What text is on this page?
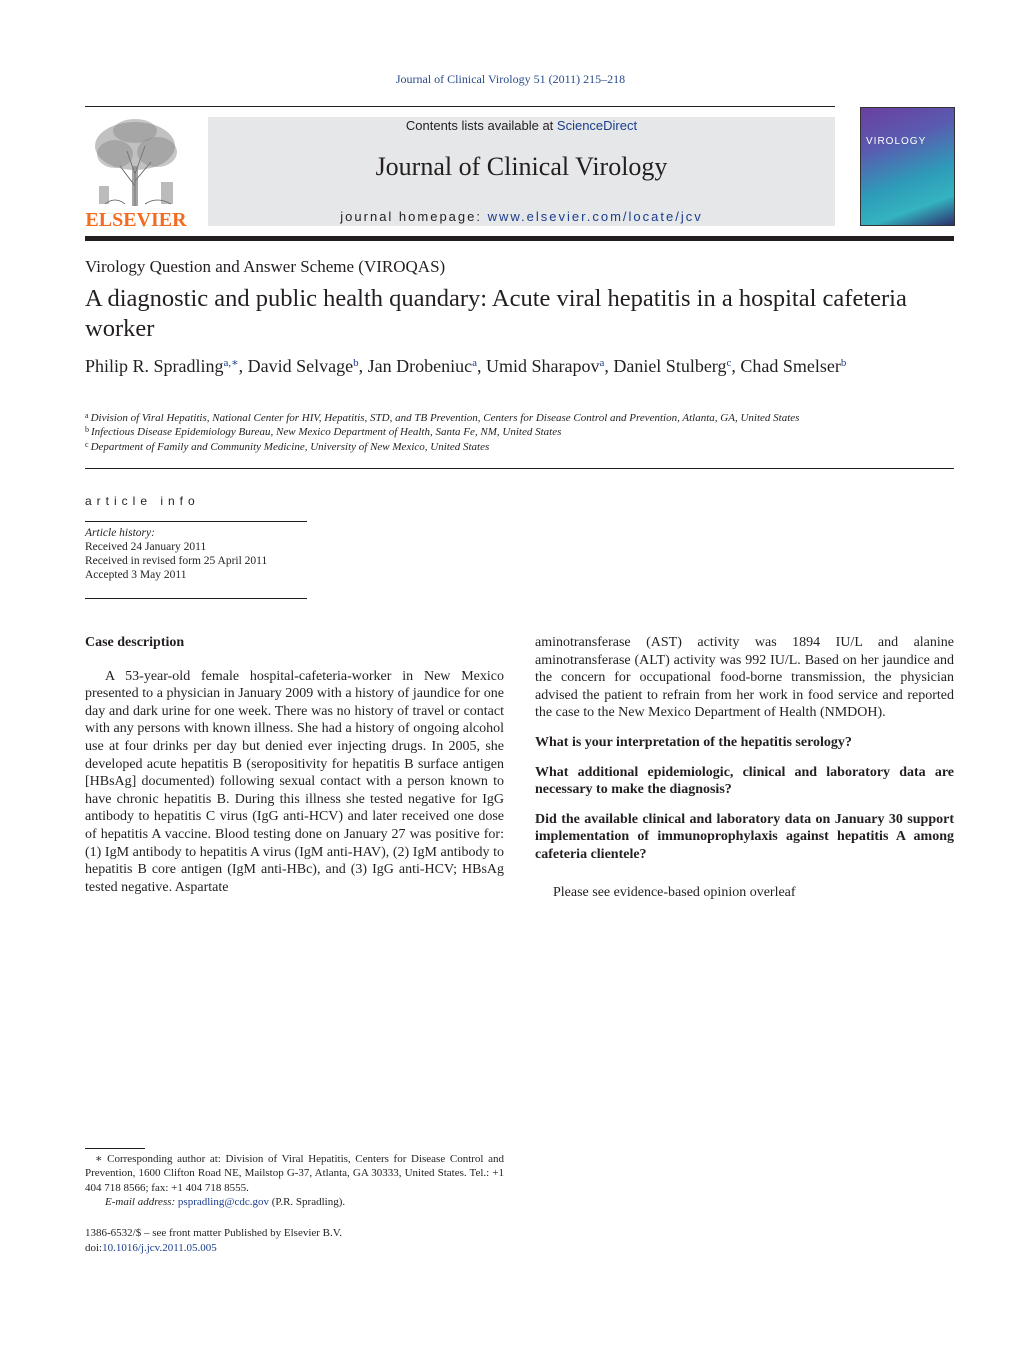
Journal of Clinical Virology 51 (2011) 215–218
ELSEVIER
Contents lists available at ScienceDirect
Journal of Clinical Virology
journal homepage: www.elsevier.com/locate/jcv
VIROLOGY
Virology Question and Answer Scheme (VIROQAS)
A diagnostic and public health quandary: Acute viral hepatitis in a hospital cafeteria worker
Philip R. Spradling$^{a,∗}$, David Selvage$^b$, Jan Drobeniuc$^a$, Umid Sharapov$^a$, Daniel Stulberg$^c$, Chad Smelser$^b$
$^a$ Division of Viral Hepatitis, National Center for HIV, Hepatitis, STD, and TB Prevention, Centers for Disease Control and Prevention, Atlanta, GA, United States
$^b$ Infectious Disease Epidemiology Bureau, New Mexico Department of Health, Santa Fe, NM, United States
$^c$ Department of Family and Community Medicine, University of New Mexico, United States
article info
Article history:
Received 24 January 2011
Received in revised form 25 April 2011
Accepted 3 May 2011
Case description

A 53-year-old female hospital-cafeteria-worker in New Mexico presented to a physician in January 2009 with a history of jaundice for one day and dark urine for one week. There was no history of travel or contact with any persons with known illness. She had a history of ongoing alcohol use at four drinks per day but denied ever injecting drugs. In 2005, she developed acute hepatitis B (seropositivity for hepatitis B surface antigen [HBsAg] documented) following sexual contact with a person known to have chronic hepatitis B. During this illness she tested negative for IgG antibody to hepatitis C virus (IgG anti-HCV) and later received one dose of hepatitis A vaccine. Blood testing done on January 27 was positive for: (1) IgM antibody to hepatitis A virus (IgM anti-HAV), (2) IgM antibody to hepatitis B core antigen (IgM anti-HBc), and (3) IgG anti-HCV; HBsAg tested negative. Aspartate

aminotransferase (AST) activity was 1894 IU/L and alanine aminotransferase (ALT) activity was 992 IU/L. Based on her jaundice and the concern for occupational food-borne transmission, the physician advised the patient to refrain from her work in food service and reported the case to the New Mexico Department of Health (NMDOH).

What is your interpretation of the hepatitis serology?

What additional epidemiologic, clinical and laboratory data are necessary to make the diagnosis?

Did the available clinical and laboratory data on January 30 support implementation of immunoprophylaxis against hepatitis A among cafeteria clientele?

Please see evidence-based opinion overleaf

∗ Corresponding author at: Division of Viral Hepatitis, Centers for Disease Control and Prevention, 1600 Clifton Road NE, Mailstop G-37, Atlanta, GA 30333, United States. Tel.: +1 404 718 8566; fax: +1 404 718 8555.

E-mail address: pspradling@cdc.gov (P.R. Spradling).

1386-6532/$ – see front matter Published by Elsevier B.V.
doi:10.1016/j.jcv.2011.05.005
